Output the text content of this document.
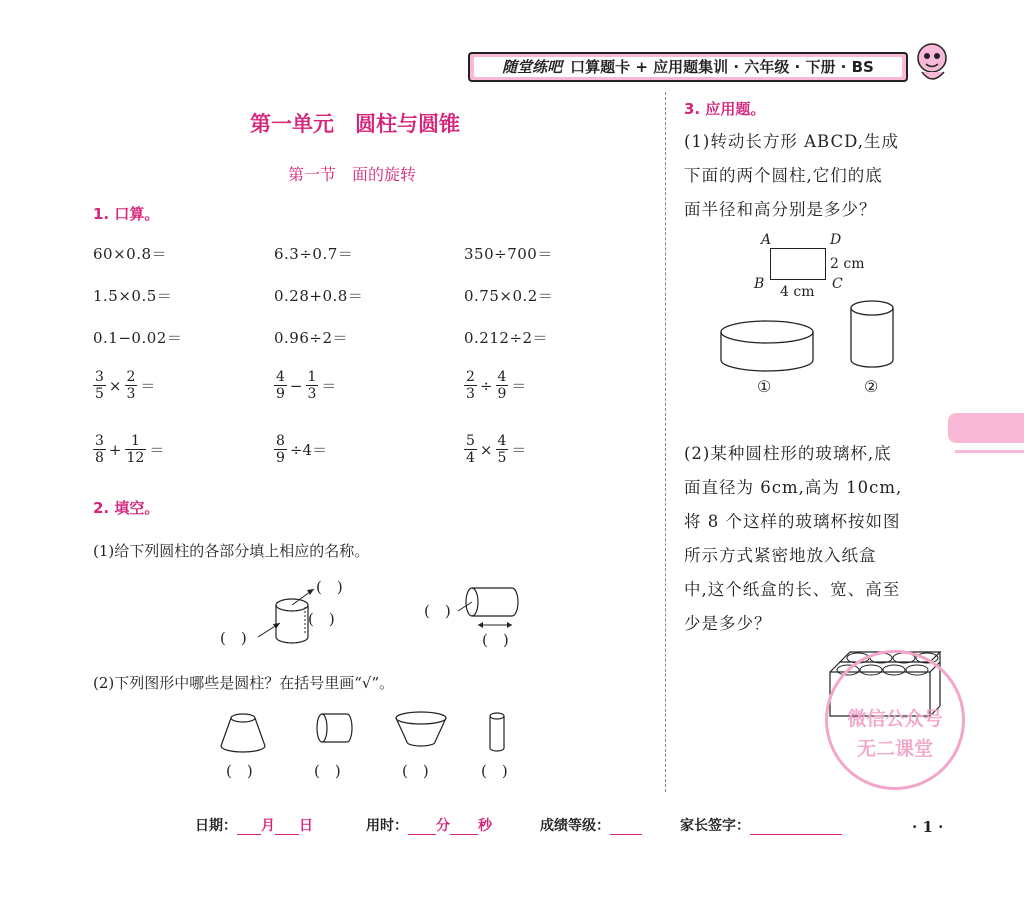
随堂练吧 口算题卡 + 应用题集训 · 六年级 · 下册 · BS
第一单元　圆柱与圆锥
第一节　面的旋转
1. 口算。
60×0.8＝	6.3÷0.7＝	350÷700＝
1.5×0.5＝	0.28+0.8＝	0.75×0.2＝
0.1−0.02＝	0.96÷2＝	0.212÷2＝
$\frac{3}{5} \times \frac{2}{3}$ ＝	$\frac{4}{9} - \frac{1}{3}$ ＝	$\frac{2}{3} \div \frac{4}{9}$ ＝
$\frac{3}{8} + \frac{1}{12}$ ＝	$\frac{8}{9} \div 4=$	$\frac{5}{4} \times \frac{4}{5}$ ＝
2. 填空。
(1)给下列圆柱的各部分填上相应的名称。
(　)
(　)
(　)
(　)
(　)
(2)下列图形中哪些是圆柱？在括号里画“√”。
(　)	(　)	(　)	(　)
3. 应用题。
(1)转动长方形 ABCD,生成
下面的两个圆柱,它们的底
面半径和高分别是多少？
A	D
B	C
2 cm
4 cm
①	②
(2)某种圆柱形的玻璃杯,底
面直径为 6cm,高为 10cm,
将 8 个这样的玻璃杯按如图
所示方式紧密地放入纸盒
中,这个纸盒的长、宽、高至
少是多少？
微信公众号
无二课堂
日期： 月 日	用时： 分 秒	成绩等级：	家长签字：	· 1 ·
